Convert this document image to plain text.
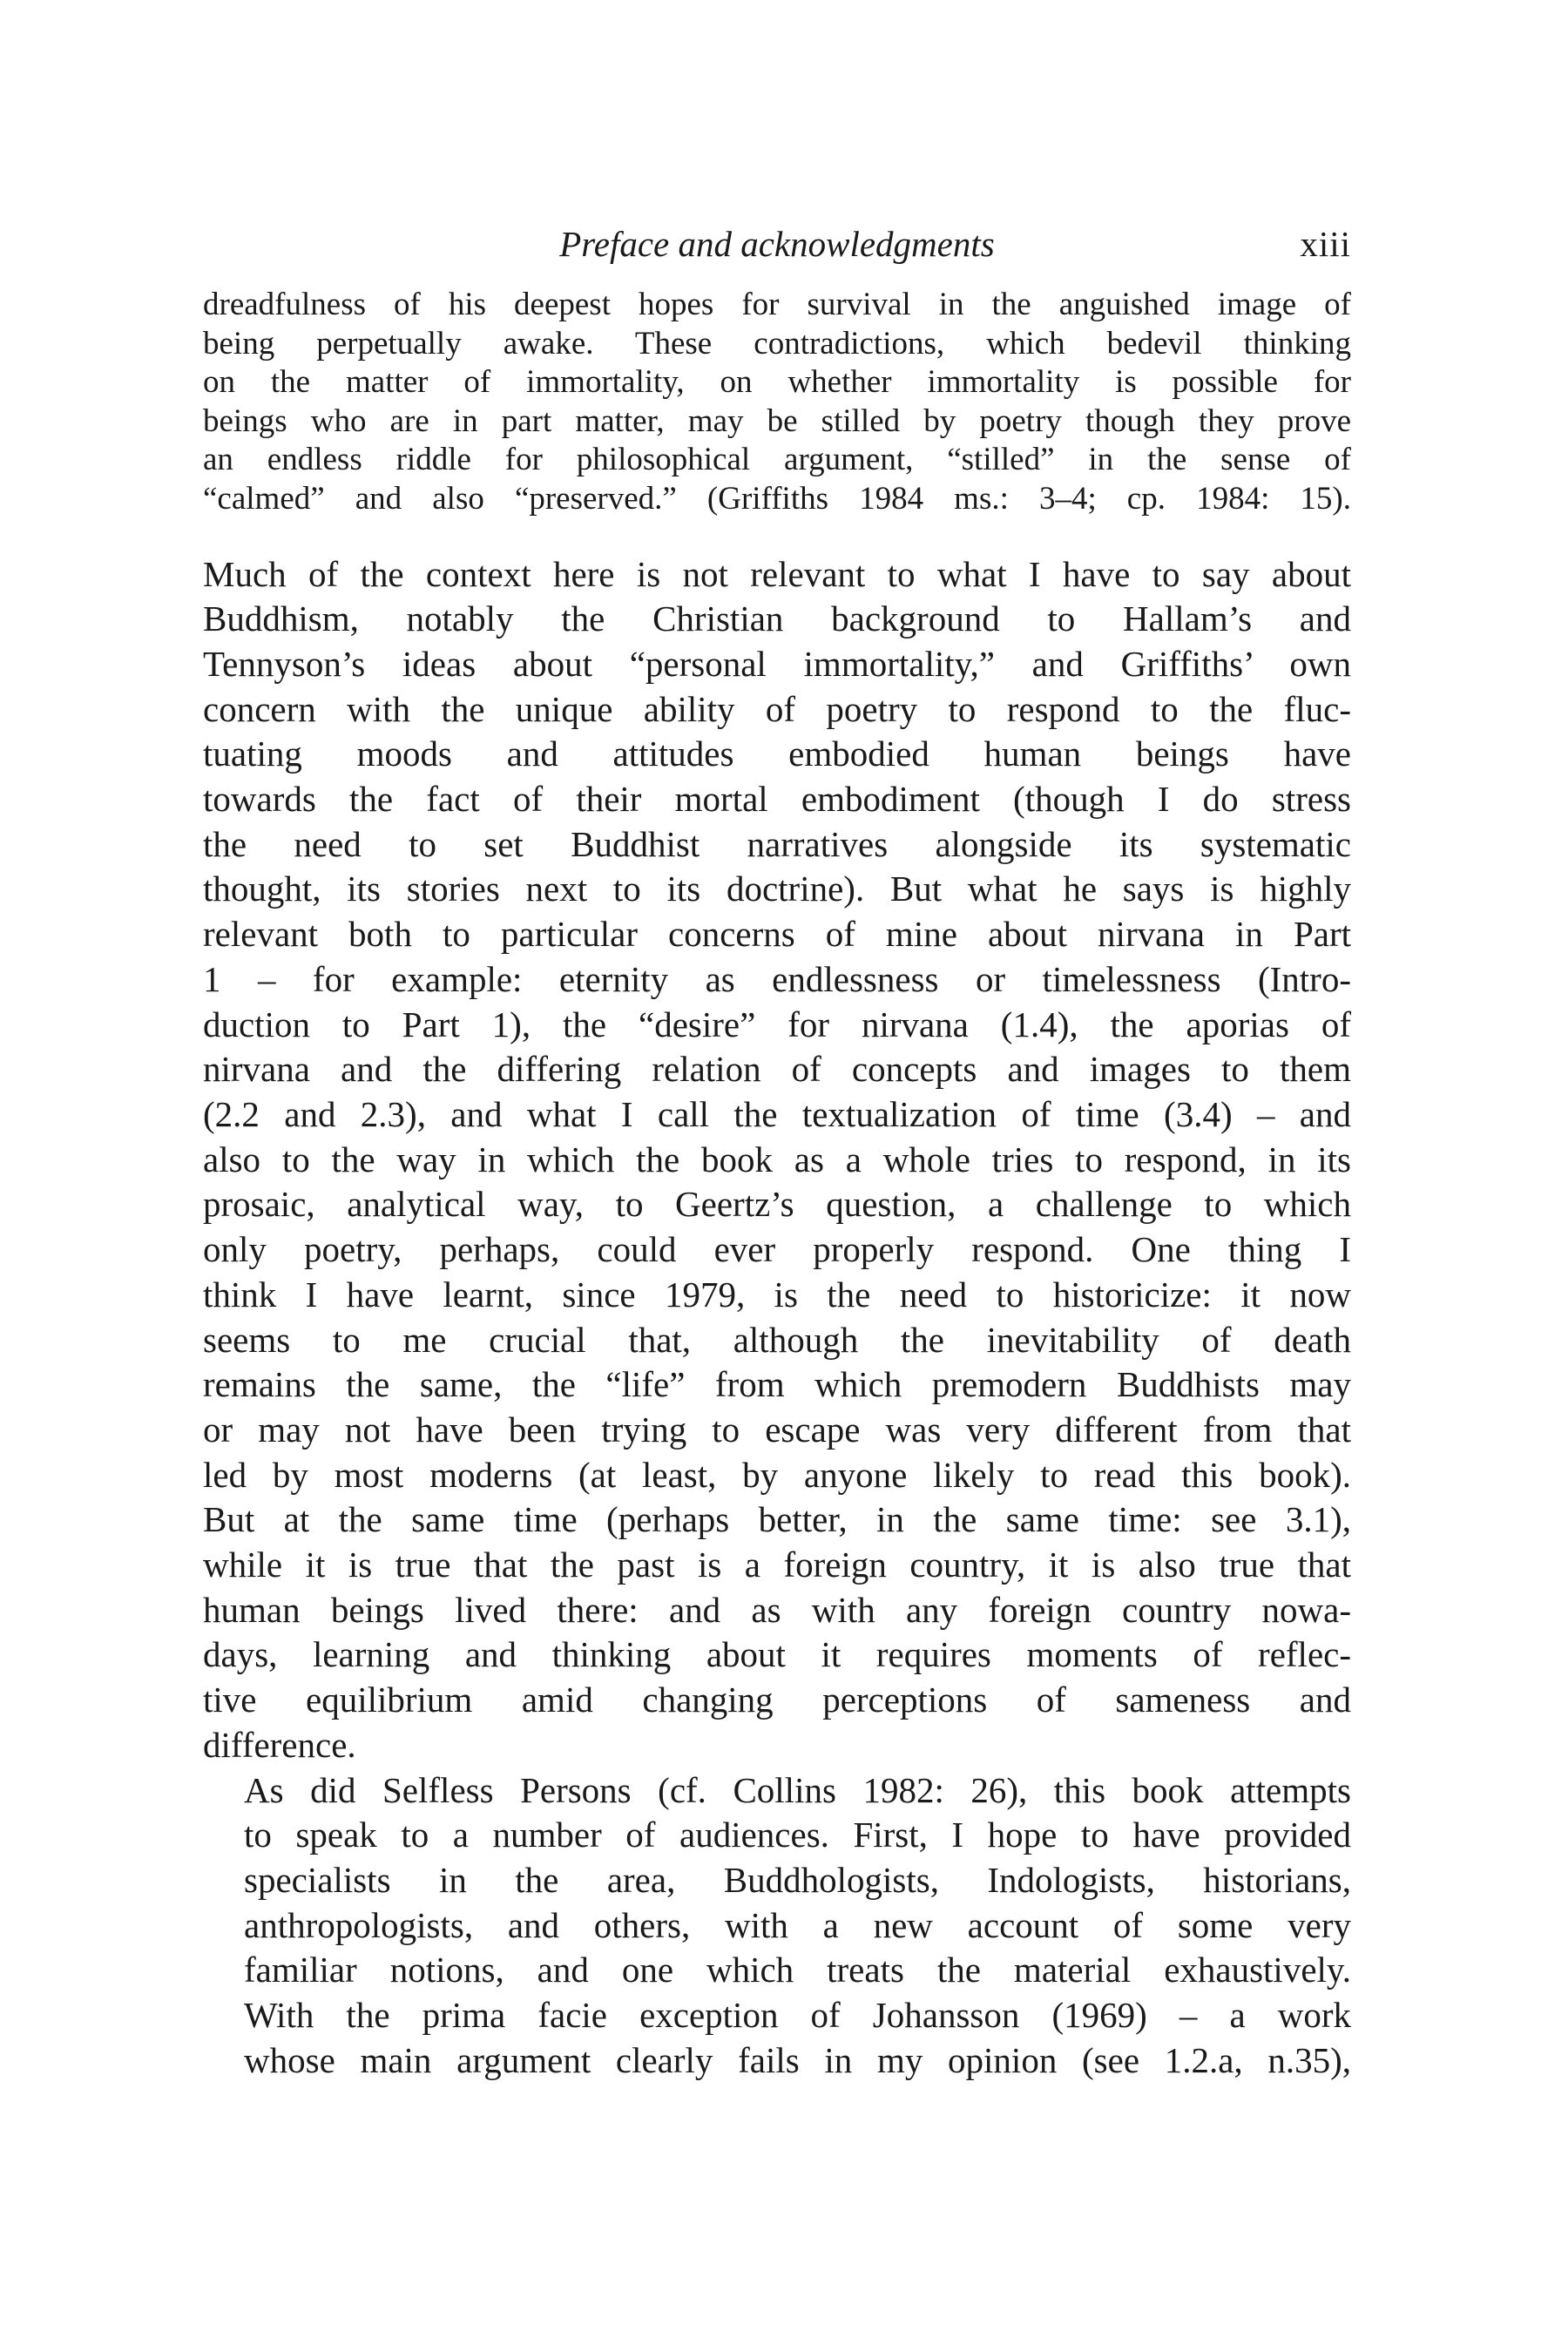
Preface and acknowledgments	xiii
dreadfulness of his deepest hopes for survival in the anguished image of
being perpetually awake. These contradictions, which bedevil thinking
on the matter of immortality, on whether immortality is possible for
beings who are in part matter, may be stilled by poetry though they prove
an endless riddle for philosophical argument, “stilled” in the sense of
“calmed” and also “preserved.” (Griffiths 1984 ms.: 3–4; cp. 1984: 15).
Much of the context here is not relevant to what I have to say about
Buddhism, notably the Christian background to Hallam’s and
Tennyson’s ideas about “personal immortality,” and Griffiths’ own
concern with the unique ability of poetry to respond to the fluc-
tuating moods and attitudes embodied human beings have
towards the fact of their mortal embodiment (though I do stress
the need to set Buddhist narratives alongside its systematic
thought, its stories next to its doctrine). But what he says is highly
relevant both to particular concerns of mine about nirvana in Part
1 – for example: eternity as endlessness or timelessness (Intro-
duction to Part 1), the “desire” for nirvana (1.4), the aporias of
nirvana and the differing relation of concepts and images to them
(2.2 and 2.3), and what I call the textualization of time (3.4) – and
also to the way in which the book as a whole tries to respond, in its
prosaic, analytical way, to Geertz’s question, a challenge to which
only poetry, perhaps, could ever properly respond. One thing I
think I have learnt, since 1979, is the need to historicize: it now
seems to me crucial that, although the inevitability of death
remains the same, the “life” from which premodern Buddhists may
or may not have been trying to escape was very different from that
led by most moderns (at least, by anyone likely to read this book).
But at the same time (perhaps better, in the same time: see 3.1),
while it is true that the past is a foreign country, it is also true that
human beings lived there: and as with any foreign country nowa-
days, learning and thinking about it requires moments of reflec-
tive equilibrium amid changing perceptions of sameness and
difference.
As did Selfless Persons (cf. Collins 1982: 26), this book attempts
to speak to a number of audiences. First, I hope to have provided
specialists in the area, Buddhologists, Indologists, historians,
anthropologists, and others, with a new account of some very
familiar notions, and one which treats the material exhaustively.
With the prima facie exception of Johansson (1969) – a work
whose main argument clearly fails in my opinion (see 1.2.a, n.35),
